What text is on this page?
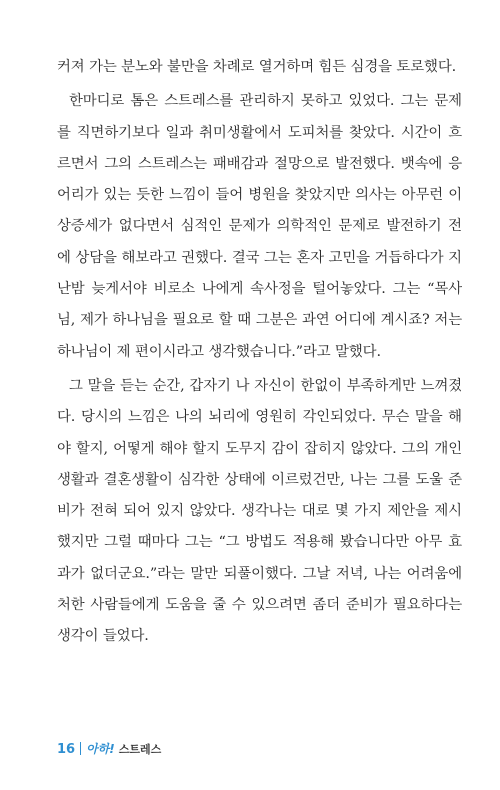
커져 가는 분노와 불만을 차례로 열거하며 힘든 심경을 토로했다.
한마디로 톰은 스트레스를 관리하지 못하고 있었다. 그는 문제
를 직면하기보다 일과 취미생활에서 도피처를 찾았다. 시간이 흐
르면서 그의 스트레스는 패배감과 절망으로 발전했다. 뱃속에 응
어리가 있는 듯한 느낌이 들어 병원을 찾았지만 의사는 아무런 이
상증세가 없다면서 심적인 문제가 의학적인 문제로 발전하기 전
에 상담을 해보라고 권했다. 결국 그는 혼자 고민을 거듭하다가 지
난밤 늦게서야 비로소 나에게 속사정을 털어놓았다. 그는 “목사
님, 제가 하나님을 필요로 할 때 그분은 과연 어디에 계시죠? 저는
하나님이 제 편이시라고 생각했습니다.”라고 말했다.
그 말을 듣는 순간, 갑자기 나 자신이 한없이 부족하게만 느껴졌
다. 당시의 느낌은 나의 뇌리에 영원히 각인되었다. 무슨 말을 해
야 할지, 어떻게 해야 할지 도무지 감이 잡히지 않았다. 그의 개인
생활과 결혼생활이 심각한 상태에 이르렀건만, 나는 그를 도울 준
비가 전혀 되어 있지 않았다. 생각나는 대로 몇 가지 제안을 제시
했지만 그럴 때마다 그는 “그 방법도 적용해 봤습니다만 아무 효
과가 없더군요.”라는 말만 되풀이했다. 그날 저녁, 나는 어려움에
처한 사람들에게 도움을 줄 수 있으려면 좀더 준비가 필요하다는
생각이 들었다.
16 아하! 스트레스
